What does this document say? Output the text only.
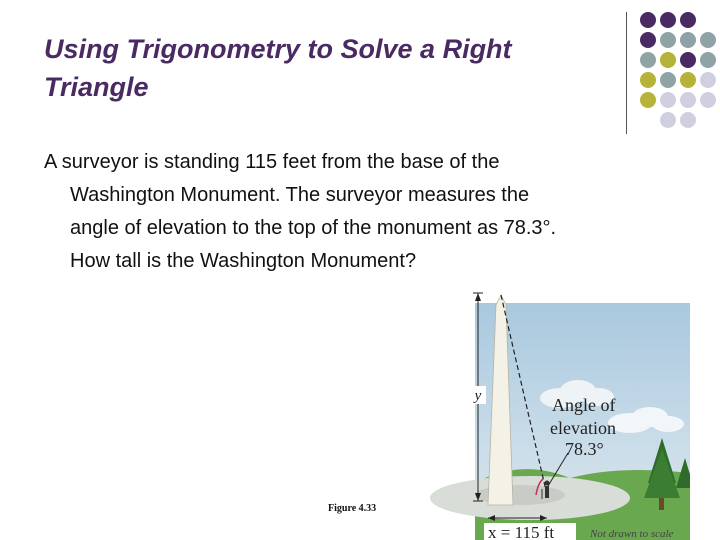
Using Trigonometry to Solve a Right
Triangle
A surveyor is standing 115 feet from the base of the
Washington Monument. The surveyor measures the
angle of elevation to the top of the monument as 78.3°.
How tall is the Washington Monument?
y	Angle of
elevation
78.3°
x = 115 ft	Not drawn to scale
Figure 4.33
